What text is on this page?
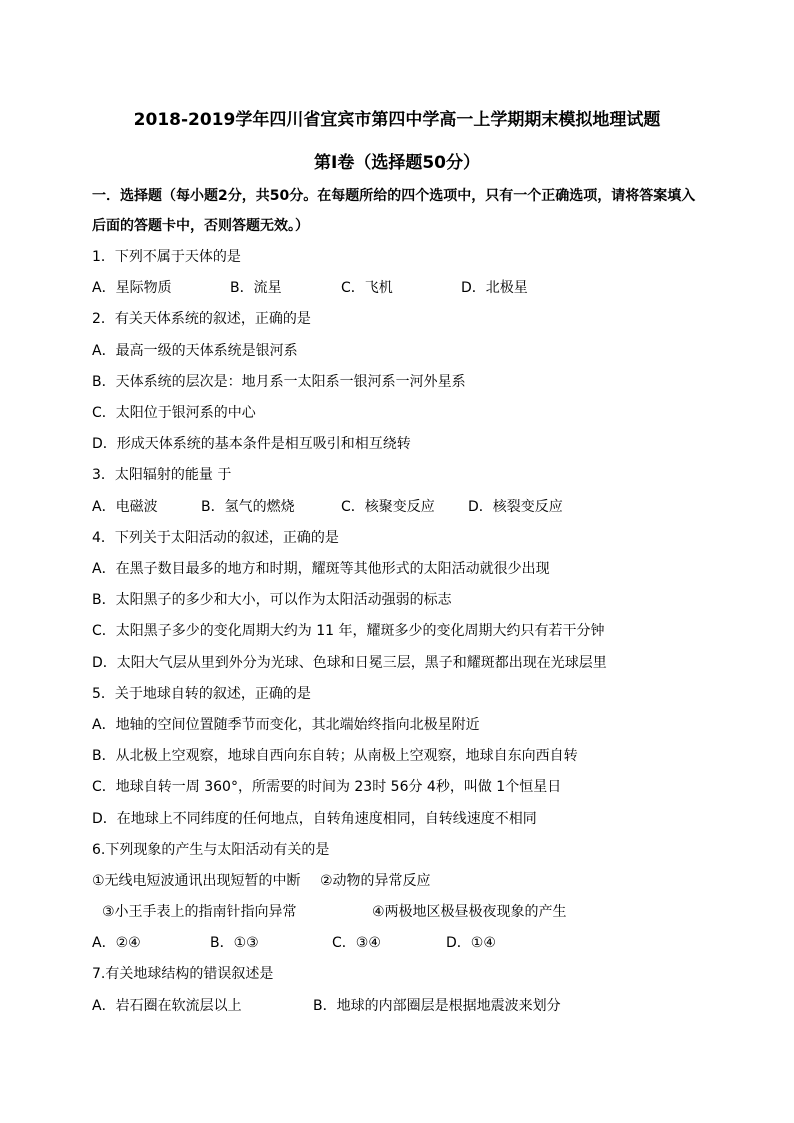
2018-2019学年四川省宜宾市第四中学高一上学期期末模拟地理试题
第Ⅰ卷（选择题50分）
一．选择题（每小题2分，共50分。在每题所给的四个选项中，只有一个正确选项，请将答案填入
后面的答题卡中，否则答题无效。）
1．下列不属于天体的是
A．星际物质	B．流星	C．飞机	D．北极星
2．有关天体系统的叙述，正确的是
A．最高一级的天体系统是银河系
B．天体系统的层次是：地月系一太阳系一银河系一河外星系
C．太阳位于银河系的中心
D．形成天体系统的基本条件是相互吸引和相互绕转
3．太阳辐射的能量 于
A．电磁波	B．氢气的燃烧	C．核聚变反应 D．核裂变反应
4．下列关于太阳活动的叙述，正确的是
A．在黑子数目最多的地方和时期，耀斑等其他形式的太阳活动就很少出现
B．太阳黑子的多少和大小，可以作为太阳活动强弱的标志
C．太阳黑子多少的变化周期大约为 11 年，耀斑多少的变化周期大约只有若干分钟
D．太阳大气层从里到外分为光球、色球和日冕三层，黑子和耀斑都出现在光球层里
5．关于地球自转的叙述，正确的是
A．地轴的空间位置随季节而变化，其北端始终指向北极星附近
B．从北极上空观察，地球自西向东自转；从南极上空观察，地球自东向西自转
C．地球自转一周 360°，所需要的时间为 23时 56分 4秒，叫做 1个恒星日
D．在地球上不同纬度的任何地点，自转角速度相同，自转线速度不相同
6.下列现象的产生与太阳活动有关的是
①无线电短波通讯出现短暂的中断 ②动物的异常反应
③小王手表上的指南针指向异常	④两极地区极昼极夜现象的产生
A．②④	B．①③	C．③④	D．①④
7.有关地球结构的错误叙述是
A．岩石圈在软流层以上	B．地球的内部圈层是根据地震波来划分
